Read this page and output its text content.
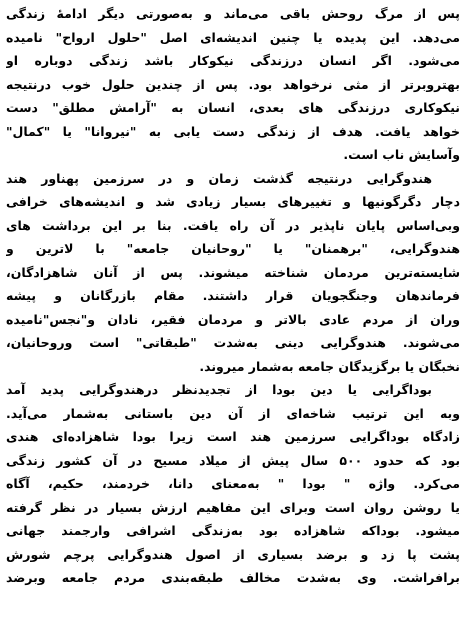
پس از مرگ روحش باقی می‌ماند و به‌صورتی دیگر ادامهٔ زندگی
می‌دهد. این پدیده یا چنین اندیشه‌ای اصل "حلول ارواح" نامیده
می‌شود. اگر انسان درزندگی نیکوکار باشد زندگی دوباره او
بهتروبرتر از مثی نرخواهد بود. پس از چندین حلول خوب درنتیجه
نیکوکاری درزندگی های بعدی، انسان به "آرامش مطلق" دست
خواهد یافت. هدف از زندگی دست یابی به "نیروانا" یا "کمال"
وآسایش ناب است.
هندوگرایی درنتیجه گذشت زمان و در سرزمین پهناور هند
دچار دگرگونیها و تغییرهای بسیار زیادی شد و اندیشه‌های خرافی
وبی‌اساس پایان ناپذیر در آن راه یافت. بنا بر این برداشت های
هندوگرایی، "برهمنان" یا "روحانیان جامعه" با لاترین و
شایسته‌ترین مردمان شناخته میشوند. پس از آنان شاهزادگان،
فرماندهان وجنگجویان قرار داشتند. مقام بازرگانان و پیشه‌
وران از مردم عادی بالاتر و مردمان فقیر، نادان و"نجس"نامیده
می‌شوند. هندوگرایی دینی به‌شدت "طبقاتی" است وروحانیان،
نخبگان یا برگزیدگان جامعه به‌شمار میروند.
بوداگرایی یا دین بودا از تجدید‌نظر درهندوگرایی پدید آمد
وبه این ترتیب شاخه‌ای از آن دین باستانی به‌شمار می‌آید.
زادگاه بوداگرایی سرزمین هند است زیرا بودا شاهزاده‌ای هندی
بود که حدود ۵۰۰ سال پیش از میلاد مسیح در آن کشور زندگی
می‌کرد. واژه " بودا " به‌معنای دانا، خردمند، حکیم، آگاه
یا روشن روان است وبرای این مفاهیم ارزش بسیار در نظر گرفته
میشود. بوداکه شاهزاده بود به‌زندگی اشرافی وارجمند جهانی
پشت پا زد و برضد بسیاری از اصول هندوگرایی پرچم شورش
برافراشت. وی به‌شدت مخالف طبقه‌بندی مردم جامعه وبرضد
